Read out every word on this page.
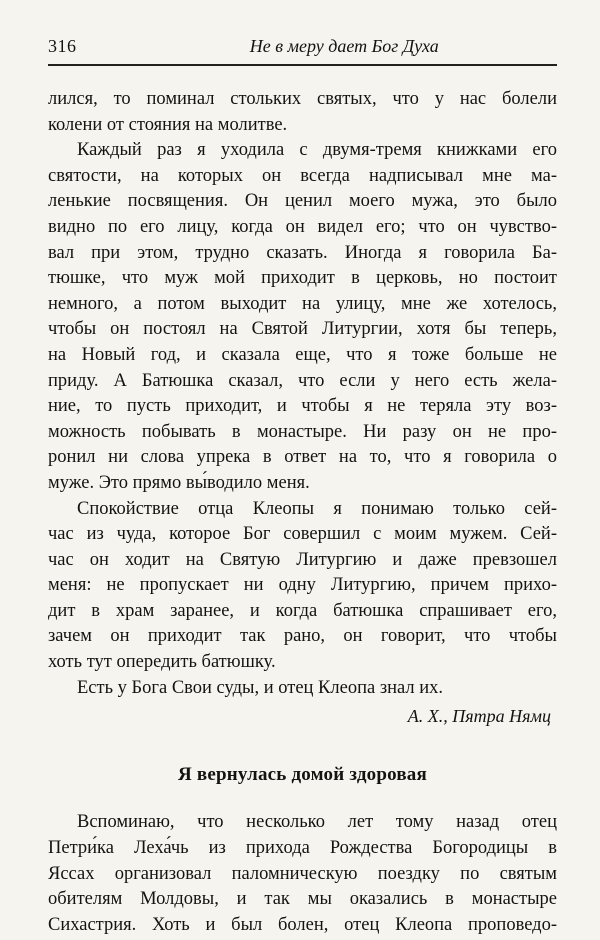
316	Не в меру дает Бог Духа
лился, то поминал стольких святых, что у нас болели
колени от стояния на молитве.
Каждый раз я уходила с двумя-тремя книжками его
святости, на которых он всегда надписывал мне ма-
ленькие посвящения. Он ценил моего мужа, это было
видно по его лицу, когда он видел его; что он чувство-
вал при этом, трудно сказать. Иногда я говорила Ба-
тюшке, что муж мой приходит в церковь, но постоит
немного, а потом выходит на улицу, мне же хотелось,
чтобы он постоял на Святой Литургии, хотя бы теперь,
на Новый год, и сказала еще, что я тоже больше не
приду. А Батюшка сказал, что если у него есть жела-
ние, то пусть приходит, и чтобы я не теряла эту воз-
можность побывать в монастыре. Ни разу он не про-
ронил ни слова упрека в ответ на то, что я говорила о
муже. Это прямо вы́водило меня.
Спокойствие отца Клеопы я понимаю только сей-
час из чуда, которое Бог совершил с моим мужем. Сей-
час он ходит на Святую Литургию и даже превзошел
меня: не пропускает ни одну Литургию, причем прихо-
дит в храм заранее, и когда батюшка спрашивает его,
зачем он приходит так рано, он говорит, что чтобы
хоть тут опередить батюшку.
Есть у Бога Свои суды, и отец Клеопа знал их.
А. Х., Пятра Нямц
Я вернулась домой здоровая
Вспоминаю, что несколько лет тому назад отец
Петри́ка Леха́чь из прихода Рождества Богородицы в
Яссах организовал паломническую поездку по святым
обителям Молдовы, и так мы оказались в монастыре
Сихастрия. Хоть и был болен, отец Клеопа проповедо-
